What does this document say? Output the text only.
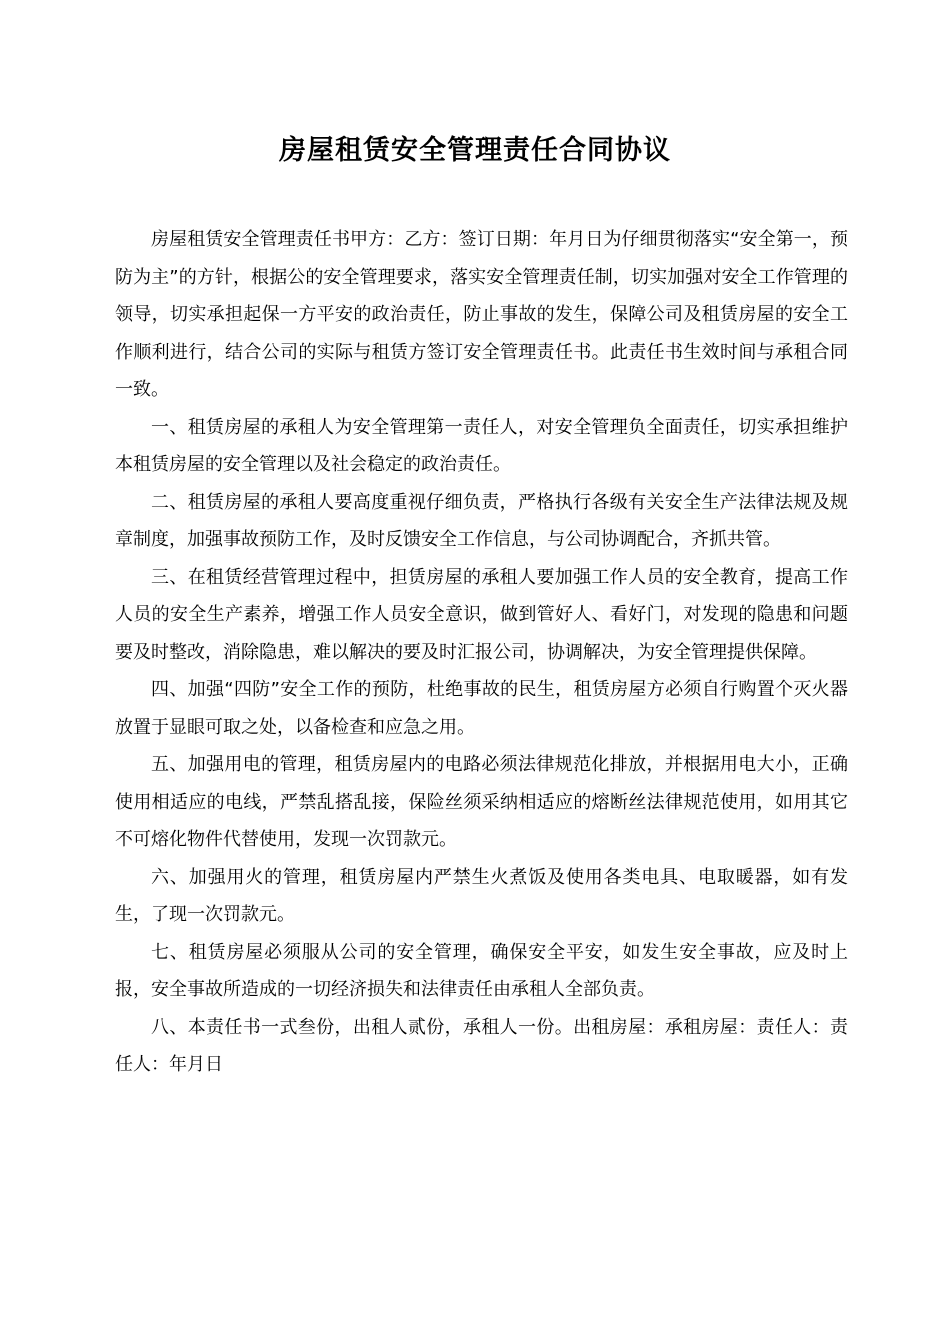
房屋租赁安全管理责任合同协议

房屋租赁安全管理责任书甲方：乙方：签订日期：年月日为仔细贯彻落实“安全第一，预防为主”的方针，根据公的安全管理要求，落实安全管理责任制，切实加强对安全工作管理的领导，切实承担起保一方平安的政治责任，防止事故的发生，保障公司及租赁房屋的安全工作顺利进行，结合公司的实际与租赁方签订安全管理责任书。此责任书生效时间与承租合同一致。

一、租赁房屋的承租人为安全管理第一责任人，对安全管理负全面责任，切实承担维护本租赁房屋的安全管理以及社会稳定的政治责任。

二、租赁房屋的承租人要高度重视仔细负责，严格执行各级有关安全生产法律法规及规章制度，加强事故预防工作，及时反馈安全工作信息，与公司协调配合，齐抓共管。

三、在租赁经营管理过程中，担赁房屋的承租人要加强工作人员的安全教育，提高工作人员的安全生产素养，增强工作人员安全意识，做到管好人、看好门，对发现的隐患和问题要及时整改，消除隐患，难以解决的要及时汇报公司，协调解决，为安全管理提供保障。

四、加强“四防”安全工作的预防，杜绝事故的民生，租赁房屋方必须自行购置个灭火器放置于显眼可取之处，以备检查和应急之用。

五、加强用电的管理，租赁房屋内的电路必须法律规范化排放，并根据用电大小，正确使用相适应的电线，严禁乱搭乱接，保险丝须采纳相适应的熔断丝法律规范使用，如用其它不可熔化物件代替使用，发现一次罚款元。

六、加强用火的管理，租赁房屋内严禁生火煮饭及使用各类电具、电取暖器，如有发生，了现一次罚款元。

七、租赁房屋必须服从公司的安全管理，确保安全平安，如发生安全事故，应及时上报，安全事故所造成的一切经济损失和法律责任由承租人全部负责。

八、本责任书一式叁份，出租人贰份，承租人一份。出租房屋：承租房屋：责任人：责任人：年月日
